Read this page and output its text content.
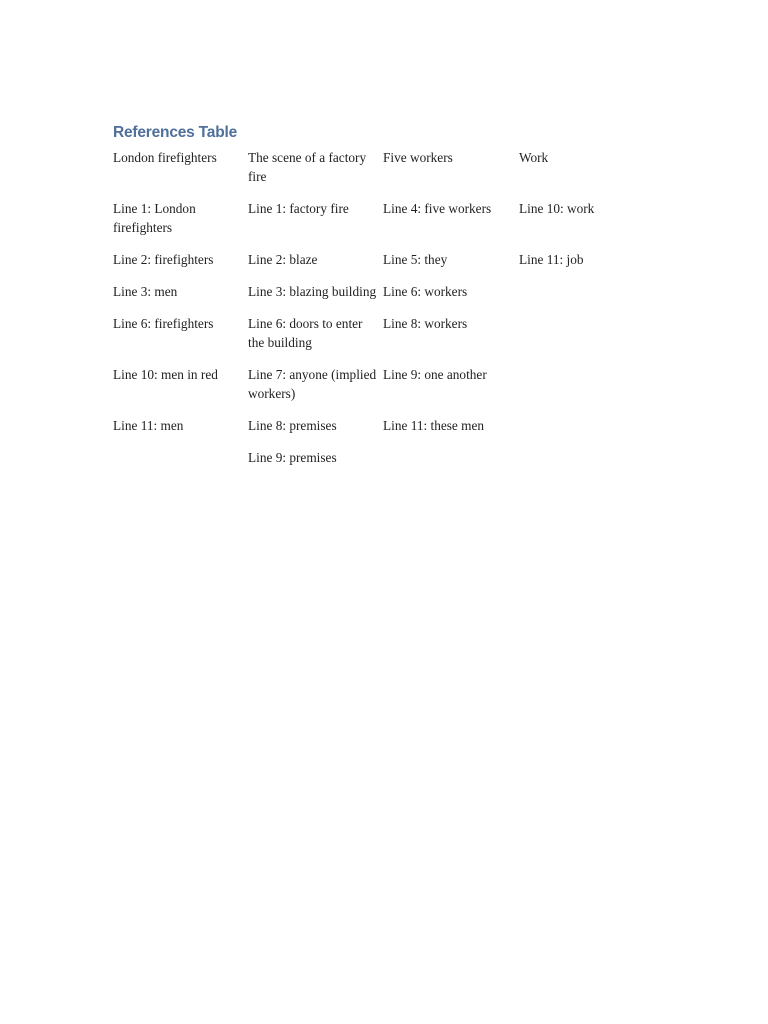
References Table
London firefighters	The scene of a factory fire	Five workers	Work
Line 1: London firefighters	Line 1: factory fire	Line 4: five workers	Line 10: work
Line 2: firefighters	Line 2: blaze	Line 5: they	Line 11: job
Line 3: men	Line 3: blazing building	Line 6: workers	
Line 6: firefighters	Line 6: doors to enter the building	Line 8: workers	
Line 10: men in red	Line 7: anyone (implied workers)	Line 9: one another	
Line 11: men	Line 8: premises	Line 11: these men	
	Line 9: premises		
